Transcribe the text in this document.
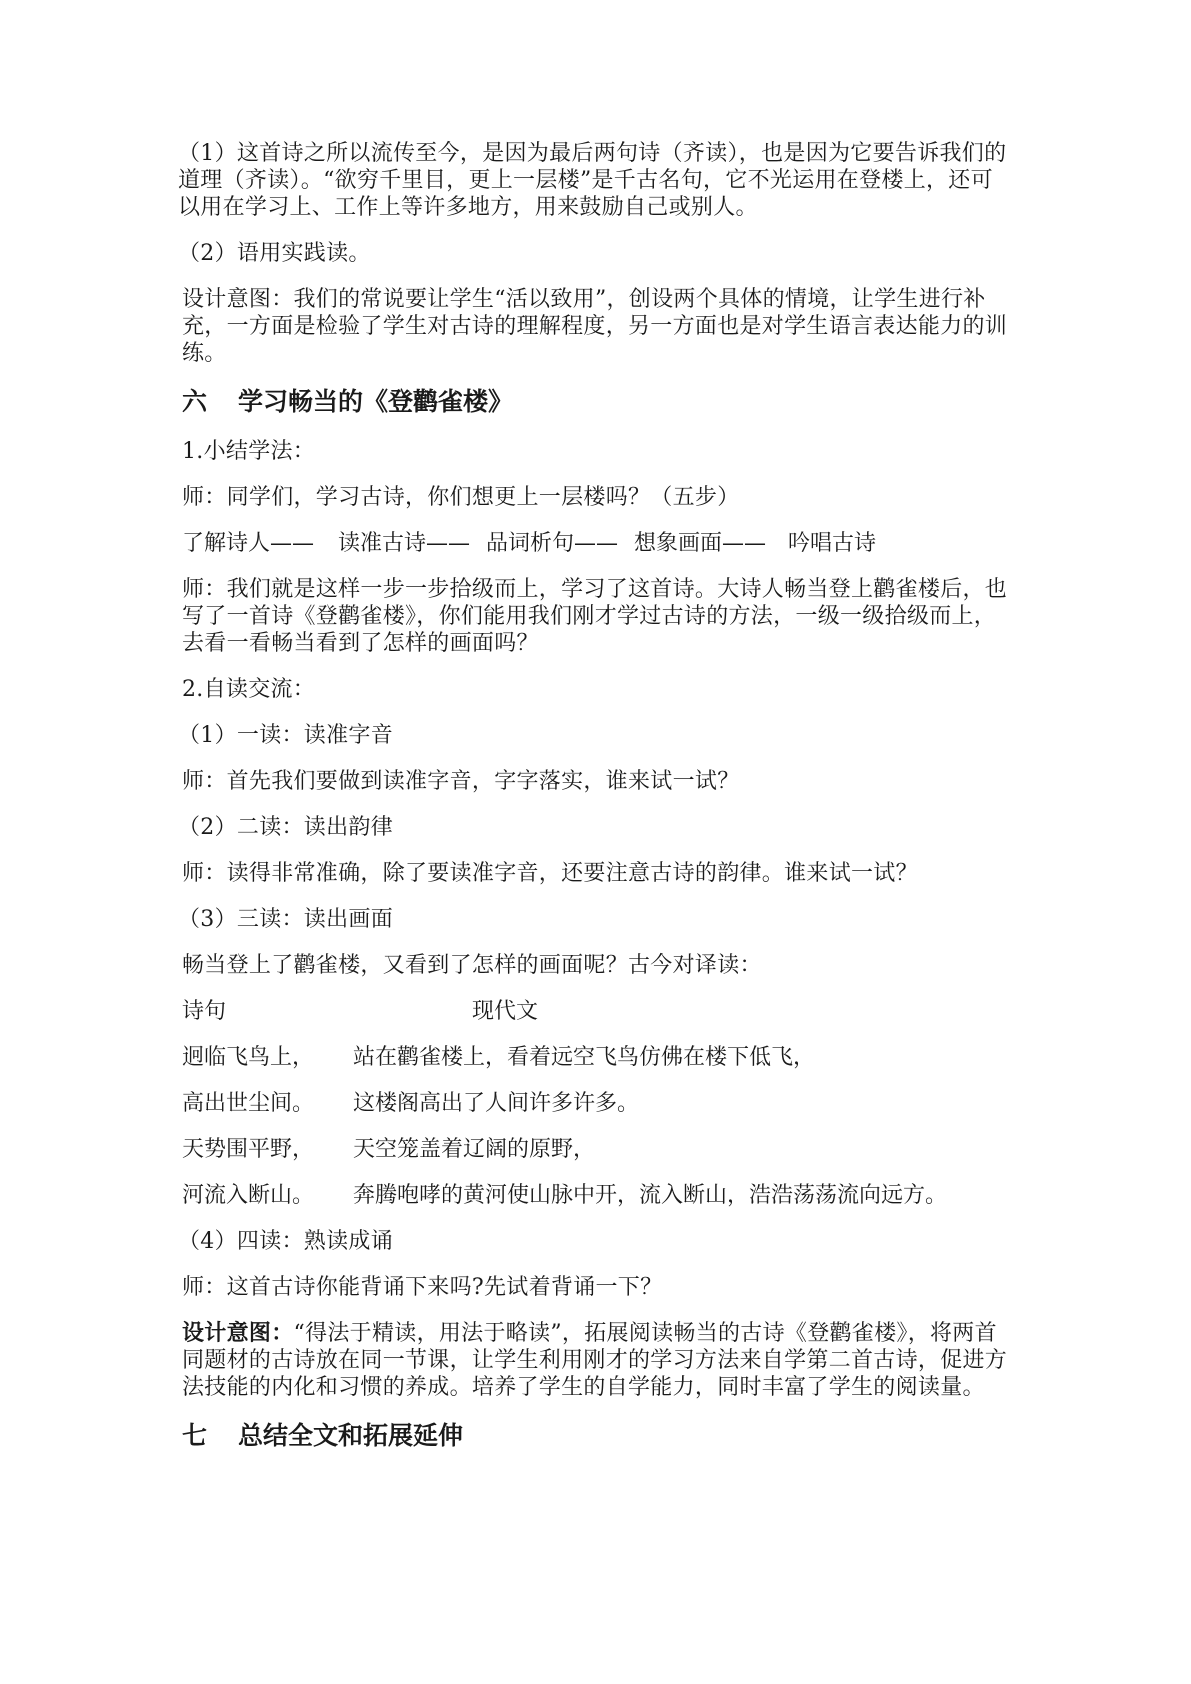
（1）这首诗之所以流传至今，是因为最后两句诗（齐读），也是因为它要告诉我们的道理（齐读）。“欲穷千里目，更上一层楼”是千古名句，它不光运用在登楼上，还可以用在学习上、工作上等许多地方，用来鼓励自己或别人。

（2）语用实践读。

设计意图：我们的常说要让学生“活以致用”，创设两个具体的情境，让学生进行补充，一方面是检验了学生对古诗的理解程度，另一方面也是对学生语言表达能力的训练。

六 学习畅当的《登鹳雀楼》

1.小结学法：

师：同学们，学习古诗，你们想更上一层楼吗？（五步）

了解诗人—— 读准古诗—— 品词析句—— 想象画面—— 吟唱古诗

师：我们就是这样一步一步拾级而上，学习了这首诗。大诗人畅当登上鹳雀楼后，也写了一首诗《登鹳雀楼》，你们能用我们刚才学过古诗的方法，一级一级拾级而上，去看一看畅当看到了怎样的画面吗？

2.自读交流：

（1）一读：读准字音

师：首先我们要做到读准字音，字字落实，谁来试一试？

（2）二读：读出韵律

师：读得非常准确，除了要读准字音，还要注意古诗的韵律。谁来试一试？

（3）三读：读出画面

畅当登上了鹳雀楼，又看到了怎样的画面呢？古今对译读：

诗句	现代文
迥临飞鸟上， 站在鹳雀楼上，看着远空飞鸟仿佛在楼下低飞，
高出世尘间。 这楼阁高出了人间许多许多。
天势围平野， 天空笼盖着辽阔的原野，
河流入断山。 奔腾咆哮的黄河使山脉中开，流入断山，浩浩荡荡流向远方。

（4）四读：熟读成诵

师：这首古诗你能背诵下来吗?先试着背诵一下？

设计意图：“得法于精读，用法于略读”，拓展阅读畅当的古诗《登鹳雀楼》，将两首同题材的古诗放在同一节课，让学生利用刚才的学习方法来自学第二首古诗，促进方法技能的内化和习惯的养成。培养了学生的自学能力，同时丰富了学生的阅读量。

七 总结全文和拓展延伸
